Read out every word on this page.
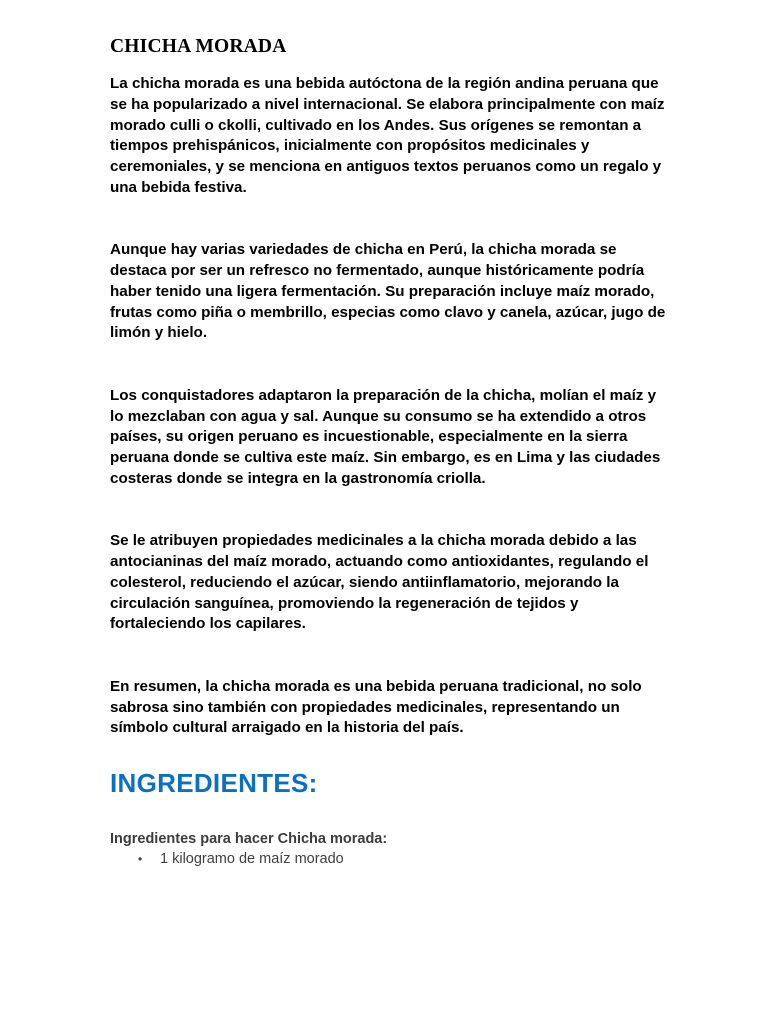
CHICHA MORADA

La chicha morada es una bebida autóctona de la región andina peruana que se ha popularizado a nivel internacional. Se elabora principalmente con maíz morado culli o ckolli, cultivado en los Andes. Sus orígenes se remontan a tiempos prehispánicos, inicialmente con propósitos medicinales y ceremoniales, y se menciona en antiguos textos peruanos como un regalo y una bebida festiva.

Aunque hay varias variedades de chicha en Perú, la chicha morada se destaca por ser un refresco no fermentado, aunque históricamente podría haber tenido una ligera fermentación. Su preparación incluye maíz morado, frutas como piña o membrillo, especias como clavo y canela, azúcar, jugo de limón y hielo.

Los conquistadores adaptaron la preparación de la chicha, molían el maíz y lo mezclaban con agua y sal. Aunque su consumo se ha extendido a otros países, su origen peruano es incuestionable, especialmente en la sierra peruana donde se cultiva este maíz. Sin embargo, es en Lima y las ciudades costeras donde se integra en la gastronomía criolla.

Se le atribuyen propiedades medicinales a la chicha morada debido a las antocianinas del maíz morado, actuando como antioxidantes, regulando el colesterol, reduciendo el azúcar, siendo antiinflamatorio, mejorando la circulación sanguínea, promoviendo la regeneración de tejidos y fortaleciendo los capilares.

En resumen, la chicha morada es una bebida peruana tradicional, no solo sabrosa sino también con propiedades medicinales, representando un símbolo cultural arraigado en la historia del país.

INGREDIENTES:
Ingredientes para hacer Chicha morada:
• 1 kilogramo de maíz morado
